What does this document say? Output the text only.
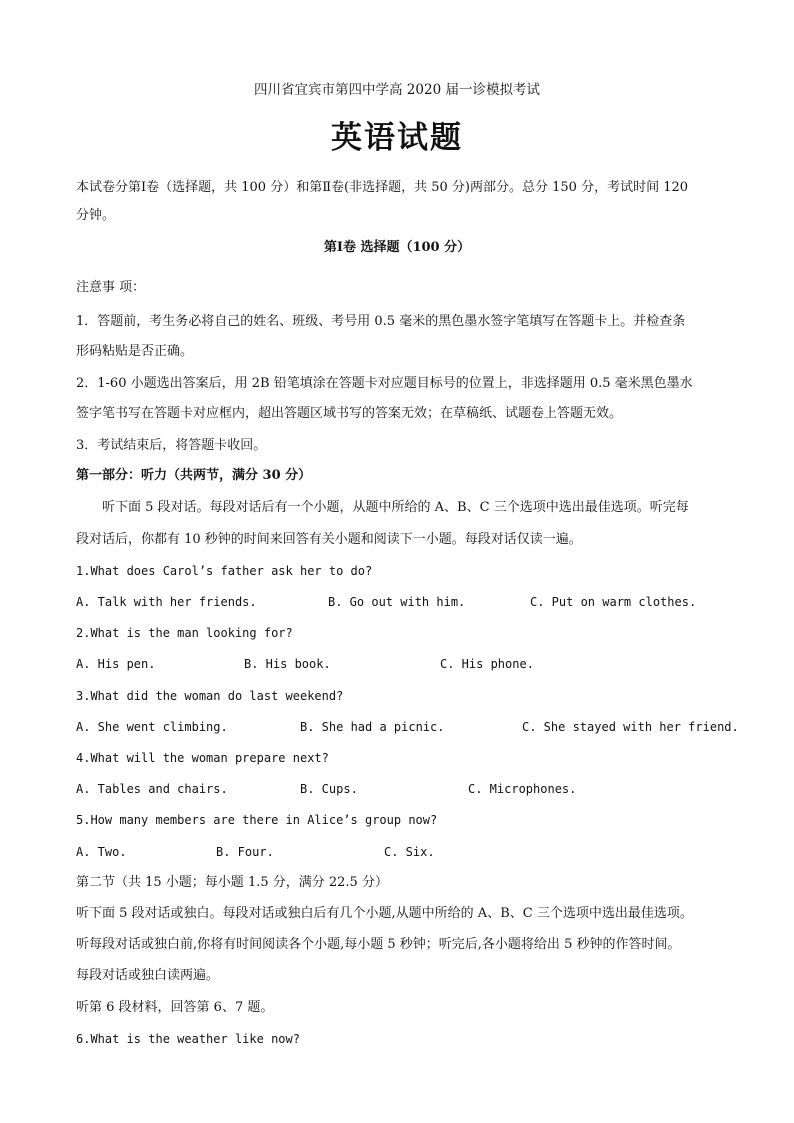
四川省宜宾市第四中学高 2020 届一诊模拟考试
英语试题
本试卷分第Ⅰ卷（选择题，共 100 分）和第Ⅱ卷(非选择题，共 50 分)两部分。总分 150 分，考试时间 120
分钟。
第Ⅰ卷 选择题（100 分）
注意事 项：
1．答题前，考生务必将自己的姓名、班级、考号用 0.5 毫米的黑色墨水签字笔填写在答题卡上。并检查条
形码粘贴是否正确。
2．1-60 小题选出答案后，用 2B 铅笔填涂在答题卡对应题目标号的位置上，非选择题用 0.5 毫米黑色墨水
签字笔书写在答题卡对应框内，超出答题区域书写的答案无效；在草稿纸、试题卷上答题无效。
3．考试结束后，将答题卡收回。
第一部分：听力（共两节，满分 30 分）
听下面 5 段对话。每段对话后有一个小题，从题中所给的 A、B、C 三个选项中选出最佳选项。听完每
段对话后，你都有 10 秒钟的时间来回答有关小题和阅读下一小题。每段对话仅读一遍。
1.What does Carol’s father ask her to do?
A. Talk with her friends.	B. Go out with him.	C. Put on warm clothes.
2.What is the man looking for?
A. His pen.	B. His book.	C. His phone.
3.What did the woman do last weekend?
A. She went climbing.	B. She had a picnic.	C. She stayed with her friend.
4.What will the woman prepare next?
A. Tables and chairs.	B. Cups.	C. Microphones.
5.How many members are there in Alice’s group now?
A. Two.	B. Four.	C. Six.
第二节（共 15 小题；每小题 1.5 分，满分 22.5 分）
听下面 5 段对话或独白。每段对话或独白后有几个小题,从题中所给的 A、B、C 三个选项中选出最佳选项。
听每段对话或独白前,你将有时间阅读各个小题,每小题 5 秒钟；听完后,各小题将给出 5 秒钟的作答时间。
每段对话或独白读两遍。
听第 6 段材料，回答第 6、7 题。
6.What is the weather like now?
